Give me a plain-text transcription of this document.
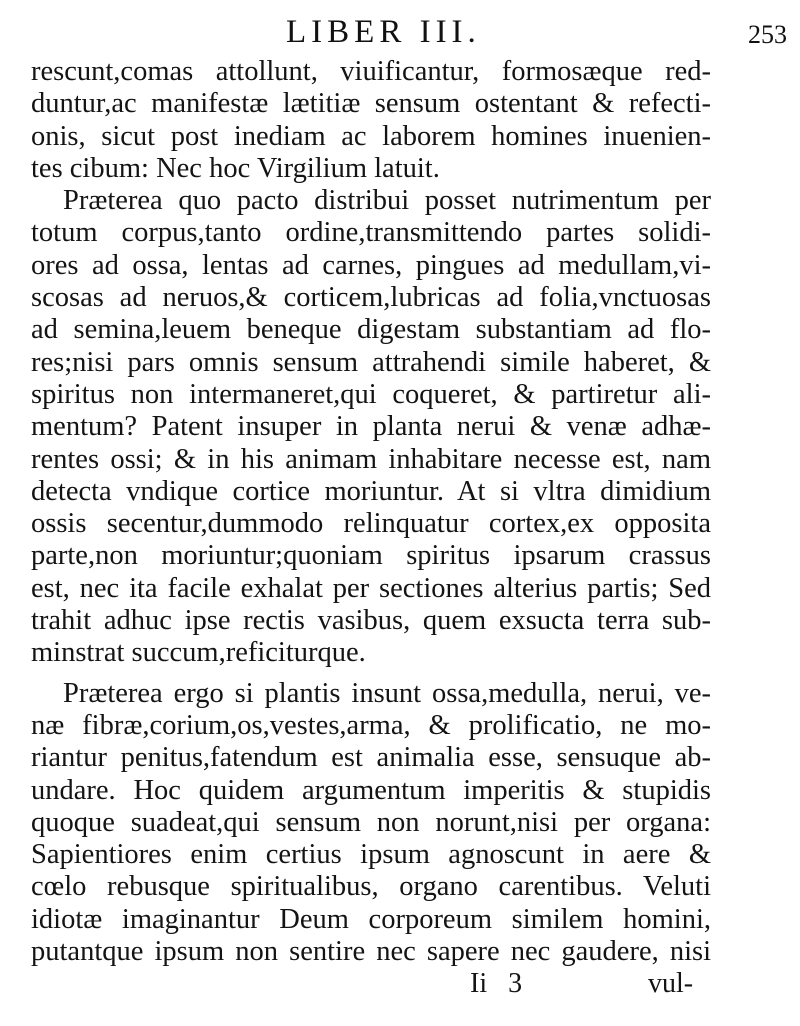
LIBER III.	253
rescunt,comas attollunt, viuificantur, formosæque red-
duntur,ac manifestæ lætitiæ sensum ostentant & refecti-
onis, sicut post inediam ac laborem homines inuenien-
tes cibum: Nec hoc Virgilium latuit.
Præterea quo pacto distribui posset nutrimentum per
totum corpus,tanto ordine,transmittendo partes solidi-
ores ad ossa, lentas ad carnes, pingues ad medullam,vi-
scosas ad neruos,& corticem,lubricas ad folia,vnctuosas
ad semina,leuem beneque digestam substantiam ad flo-
res;nisi pars omnis sensum attrahendi simile haberet, &
spiritus non intermaneret,qui coqueret, & partiretur ali-
mentum? Patent insuper in planta nerui & venæ adhæ-
rentes ossi; & in his animam inhabitare necesse est, nam
detecta vndique cortice moriuntur. At si vltra dimidium
ossis secentur,dummodo relinquatur cortex,ex opposita
parte,non moriuntur;quoniam spiritus ipsarum crassus
est, nec ita facile exhalat per sectiones alterius partis; Sed
trahit adhuc ipse rectis vasibus, quem exsucta terra sub-
minstrat succum,reficiturque.
Præterea ergo si plantis insunt ossa,medulla, nerui, ve-
næ fibræ,corium,os,vestes,arma, & prolificatio, ne mo-
riantur penitus,fatendum est animalia esse, sensuque ab-
undare. Hoc quidem argumentum imperitis & stupidis
quoque suadeat,qui sensum non norunt,nisi per organa:
Sapientiores enim certius ipsum agnoscunt in aere &
cœlo rebusque spiritualibus, organo carentibus. Veluti
idiotæ imaginantur Deum corporeum similem homini,
putantque ipsum non sentire nec sapere nec gaudere, nisi
Ii 3	vul-
